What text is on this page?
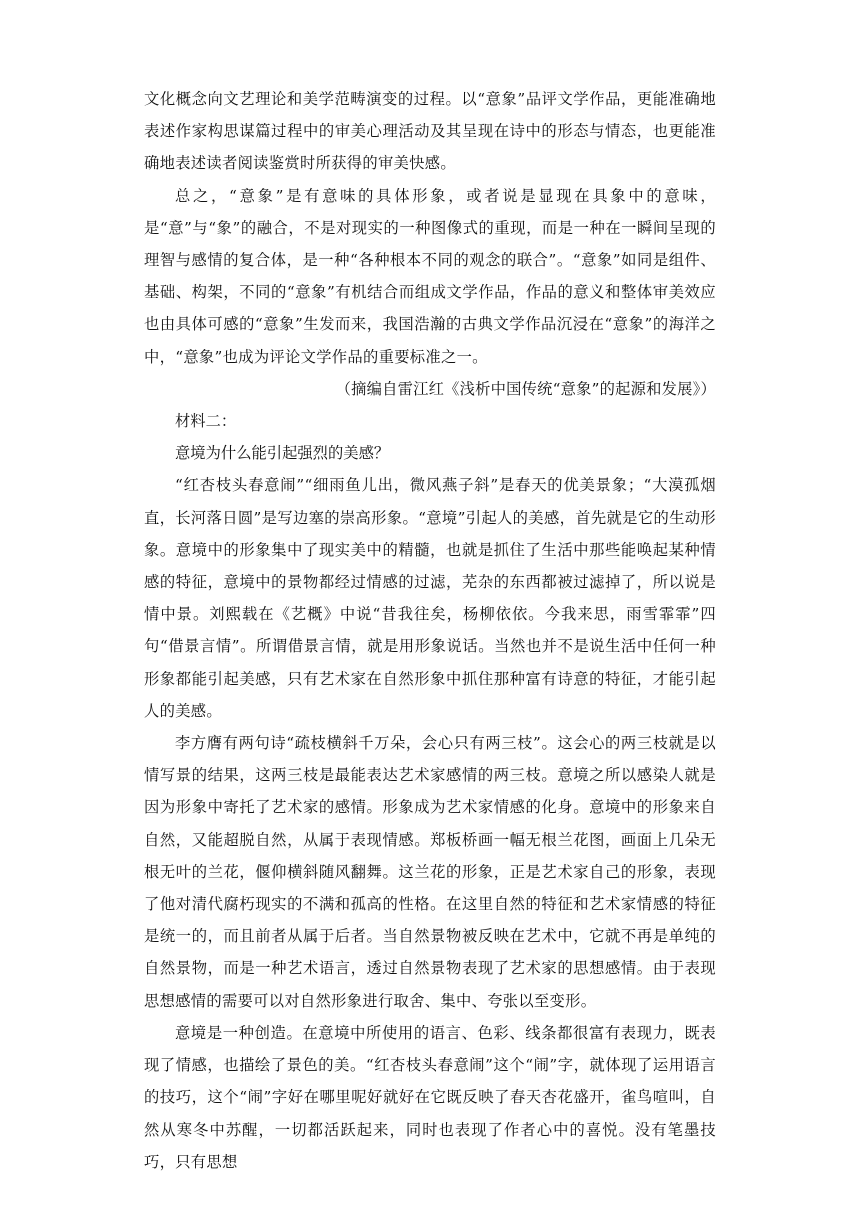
文化概念向文艺理论和美学范畴演变的过程。以“意象”品评文学作品，更能准确地表述作家构思谋篇过程中的审美心理活动及其呈现在诗中的形态与情态，也更能准确地表述读者阅读鉴赏时所获得的审美快感。

总之，“意象”是有意味的具体形象，或者说是显现在具象中的意味，是“意”与“象”的融合，不是对现实的一种图像式的重现，而是一种在一瞬间呈现的理智与感情的复合体，是一种“各种根本不同的观念的联合”。“意象”如同是组件、基础、构架，不同的“意象”有机结合而组成文学作品，作品的意义和整体审美效应也由具体可感的“意象”生发而来，我国浩瀚的古典文学作品沉浸在“意象”的海洋之中，“意象”也成为评论文学作品的重要标准之一。

（摘编自雷江红《浅析中国传统“意象”的起源和发展》）

材料二：

意境为什么能引起强烈的美感？

“红杏枝头春意闹”“细雨鱼儿出，微风燕子斜”是春天的优美景象；“大漠孤烟直，长河落日圆”是写边塞的崇高形象。“意境”引起人的美感，首先就是它的生动形象。意境中的形象集中了现实美中的精髓，也就是抓住了生活中那些能唤起某种情感的特征，意境中的景物都经过情感的过滤，芜杂的东西都被过滤掉了，所以说是情中景。刘熙载在《艺概》中说“昔我往矣，杨柳依依。今我来思，雨雪霏霏”四句“借景言情”。所谓借景言情，就是用形象说话。当然也并不是说生活中任何一种形象都能引起美感，只有艺术家在自然形象中抓住那种富有诗意的特征，才能引起人的美感。

李方膺有两句诗“疏枝横斜千万朵，会心只有两三枝”。这会心的两三枝就是以情写景的结果，这两三枝是最能表达艺术家感情的两三枝。意境之所以感染人就是因为形象中寄托了艺术家的感情。形象成为艺术家情感的化身。意境中的形象来自自然，又能超脱自然，从属于表现情感。郑板桥画一幅无根兰花图，画面上几朵无根无叶的兰花，偃仰横斜随风翻舞。这兰花的形象，正是艺术家自己的形象，表现了他对清代腐朽现实的不满和孤高的性格。在这里自然的特征和艺术家情感的特征是统一的，而且前者从属于后者。当自然景物被反映在艺术中，它就不再是单纯的自然景物，而是一种艺术语言，透过自然景物表现了艺术家的思想感情。由于表现思想感情的需要可以对自然形象进行取舍、集中、夸张以至变形。

意境是一种创造。在意境中所使用的语言、色彩、线条都很富有表现力，既表现了情感，也描绘了景色的美。“红杏枝头春意闹”这个“闹”字，就体现了运用语言的技巧，这个“闹”字好在哪里呢好就好在它既反映了春天杏花盛开，雀鸟喧叫，自然从寒冬中苏醒，一切都活跃起来，同时也表现了作者心中的喜悦。没有笔墨技巧，只有思想
